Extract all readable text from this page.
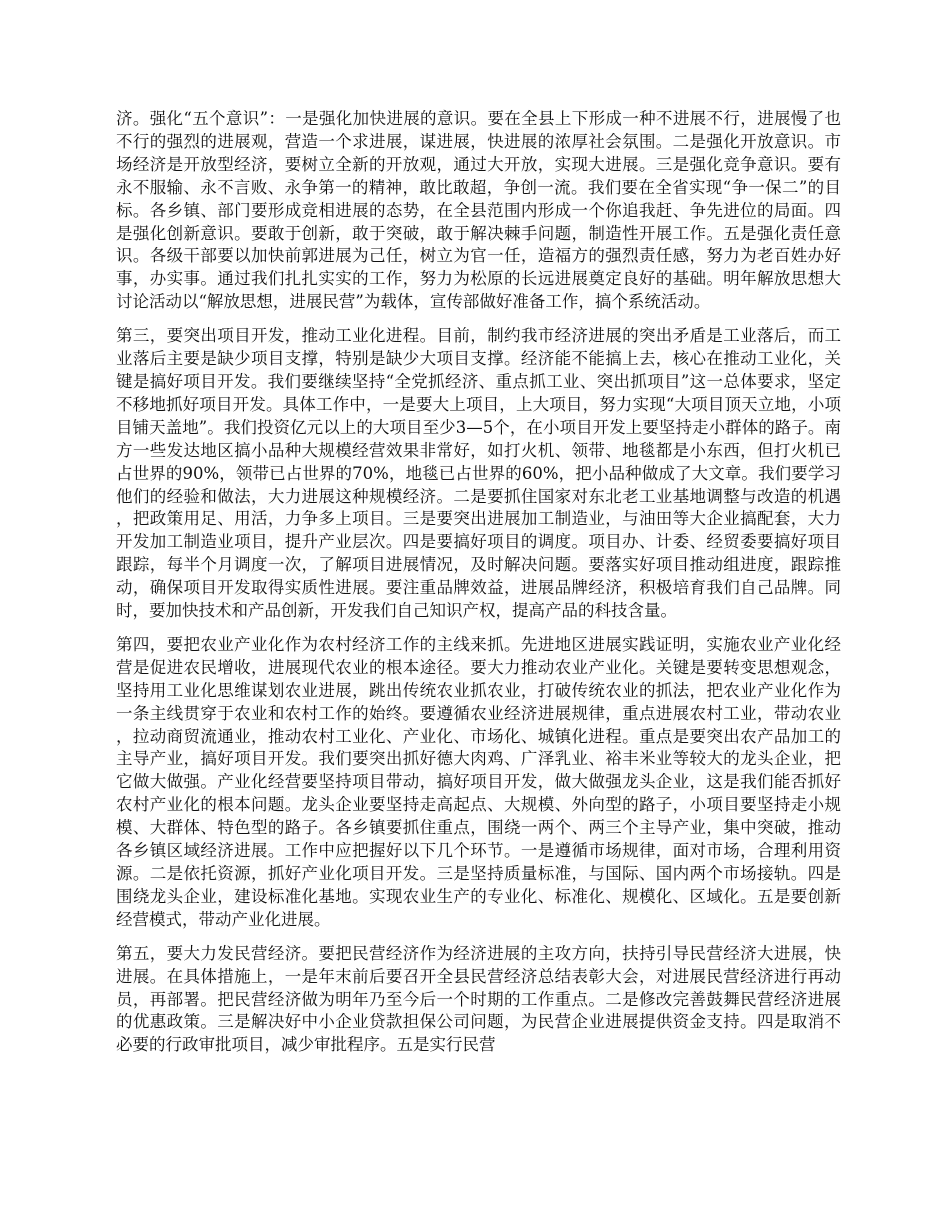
济。强化“五个意识”：一是强化加快进展的意识。要在全县上下形成一种不进展不行，进展慢了也不行的强烈的进展观，营造一个求进展，谋进展，快进展的浓厚社会氛围。二是强化开放意识。市场经济是开放型经济，要树立全新的开放观，通过大开放，实现大进展。三是强化竞争意识。要有永不服输、永不言败、永争第一的精神，敢比敢超，争创一流。我们要在全省实现“争一保二”的目标。各乡镇、部门要形成竞相进展的态势，在全县范围内形成一个你追我赶、争先进位的局面。四是强化创新意识。要敢于创新，敢于突破，敢于解决棘手问题，制造性开展工作。五是强化责任意识。各级干部要以加快前郭进展为己任，树立为官一任，造福方的强烈责任感，努力为老百姓办好事，办实事。通过我们扎扎实实的工作，努力为松原的长远进展奠定良好的基础。明年解放思想大讨论活动以“解放思想，进展民营”为载体，宣传部做好准备工作，搞个系统活动。

第三，要突出项目开发，推动工业化进程。目前，制约我市经济进展的突出矛盾是工业落后，而工业落后主要是缺少项目支撑，特别是缺少大项目支撑。经济能不能搞上去，核心在推动工业化，关键是搞好项目开发。我们要继续坚持“全党抓经济、重点抓工业、突出抓项目”这一总体要求，坚定不移地抓好项目开发。具体工作中，一是要大上项目，上大项目，努力实现“大项目顶天立地，小项目铺天盖地”。我们投资亿元以上的大项目至少3—5个，在小项目开发上要坚持走小群体的路子。南方一些发达地区搞小品种大规模经营效果非常好，如打火机、领带、地毯都是小东西，但打火机已占世界的90%，领带已占世界的70%，地毯已占世界的60%，把小品种做成了大文章。我们要学习他们的经验和做法，大力进展这种规模经济。二是要抓住国家对东北老工业基地调整与改造的机遇，把政策用足、用活，力争多上项目。三是要突出进展加工制造业，与油田等大企业搞配套，大力开发加工制造业项目，提升产业层次。四是要搞好项目的调度。项目办、计委、经贸委要搞好项目跟踪，每半个月调度一次，了解项目进展情况，及时解决问题。要落实好项目推动组进度，跟踪推动，确保项目开发取得实质性进展。要注重品牌效益，进展品牌经济，积极培育我们自己品牌。同时，要加快技术和产品创新，开发我们自己知识产权，提高产品的科技含量。

第四，要把农业产业化作为农村经济工作的主线来抓。先进地区进展实践证明，实施农业产业化经营是促进农民增收，进展现代农业的根本途径。要大力推动农业产业化。关键是要转变思想观念，坚持用工业化思维谋划农业进展，跳出传统农业抓农业，打破传统农业的抓法，把农业产业化作为一条主线贯穿于农业和农村工作的始终。要遵循农业经济进展规律，重点进展农村工业，带动农业，拉动商贸流通业，推动农村工业化、产业化、市场化、城镇化进程。重点是要突出农产品加工的主导产业，搞好项目开发。我们要突出抓好德大肉鸡、广泽乳业、裕丰米业等较大的龙头企业，把它做大做强。产业化经营要坚持项目带动，搞好项目开发，做大做强龙头企业，这是我们能否抓好农村产业化的根本问题。龙头企业要坚持走高起点、大规模、外向型的路子，小项目要坚持走小规模、大群体、特色型的路子。各乡镇要抓住重点，围绕一两个、两三个主导产业，集中突破，推动各乡镇区域经济进展。工作中应把握好以下几个环节。一是遵循市场规律，面对市场，合理利用资源。二是依托资源，抓好产业化项目开发。三是坚持质量标准，与国际、国内两个市场接轨。四是围绕龙头企业，建设标准化基地。实现农业生产的专业化、标准化、规模化、区域化。五是要创新经营模式，带动产业化进展。

第五，要大力发民营经济。要把民营经济作为经济进展的主攻方向，扶持引导民营经济大进展，快进展。在具体措施上，一是年末前后要召开全县民营经济总结表彰大会，对进展民营经济进行再动员，再部署。把民营经济做为明年乃至今后一个时期的工作重点。二是修改完善鼓舞民营经济进展的优惠政策。三是解决好中小企业贷款担保公司问题，为民营企业进展提供资金支持。四是取消不必要的行政审批项目，减少审批程序。五是实行民营
